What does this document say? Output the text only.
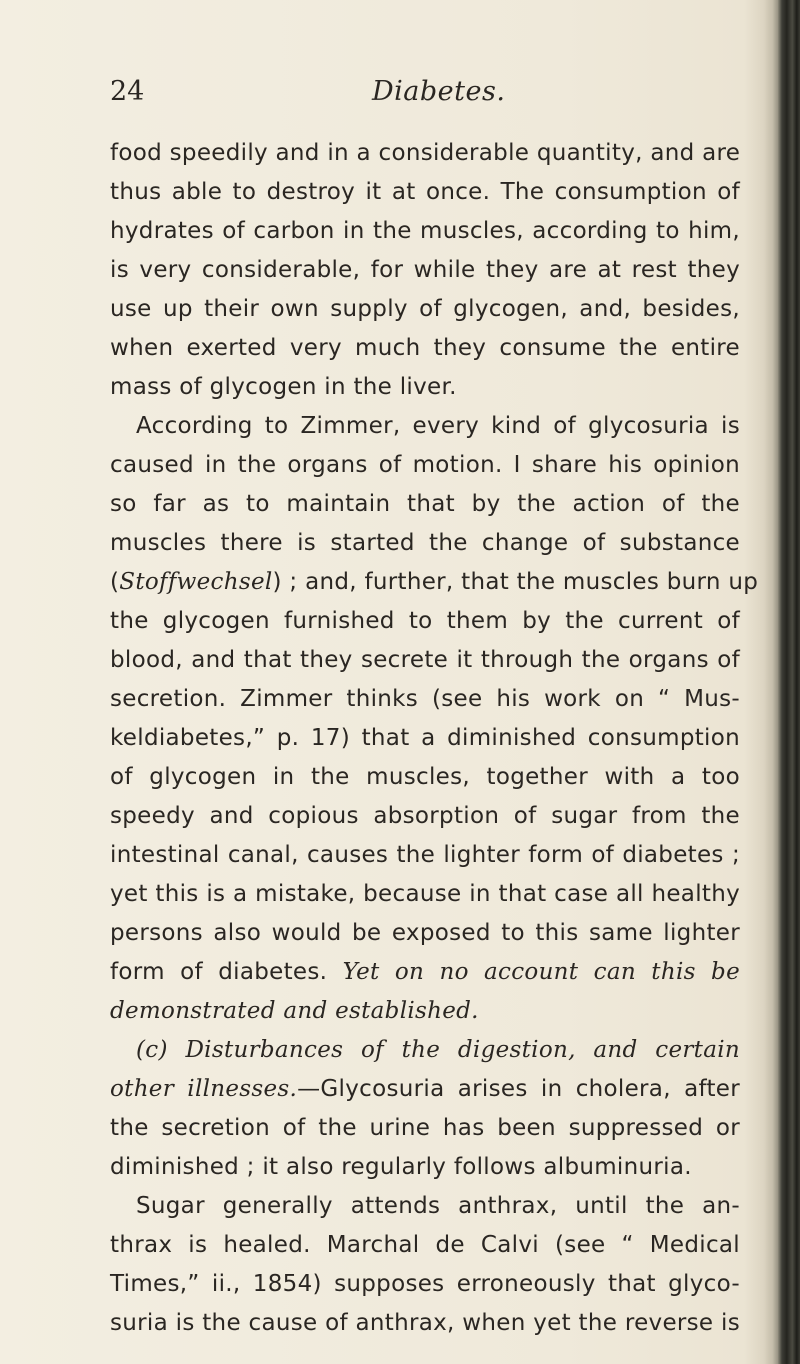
24	Diabetes.
food speedily and in a considerable quantity, and are
thus able to destroy it at once. The consumption of
hydrates of carbon in the muscles, according to him,
is very considerable, for while they are at rest they
use up their own supply of glycogen, and, besides,
when exerted very much they consume the entire
mass of glycogen in the liver.
According to Zimmer, every kind of glycosuria is
caused in the organs of motion. I share his opinion
so far as to maintain that by the action of the
muscles there is started the change of substance
(Stoffwechsel) ; and, further, that the muscles burn up
the glycogen furnished to them by the current of
blood, and that they secrete it through the organs of
secretion. Zimmer thinks (see his work on “ Mus-
keldiabetes,” p. 17) that a diminished consumption
of glycogen in the muscles, together with a too
speedy and copious absorption of sugar from the
intestinal canal, causes the lighter form of diabetes ;
yet this is a mistake, because in that case all healthy
persons also would be exposed to this same lighter
form of diabetes. Yet on no account can this be
demonstrated and established.
(c) Disturbances of the digestion, and certain
other illnesses.—Glycosuria arises in cholera, after
the secretion of the urine has been suppressed or
diminished ; it also regularly follows albuminuria.
Sugar generally attends anthrax, until the an-
thrax is healed. Marchal de Calvi (see “ Medical
Times,” ii., 1854) supposes erroneously that glyco-
suria is the cause of anthrax, when yet the reverse is
